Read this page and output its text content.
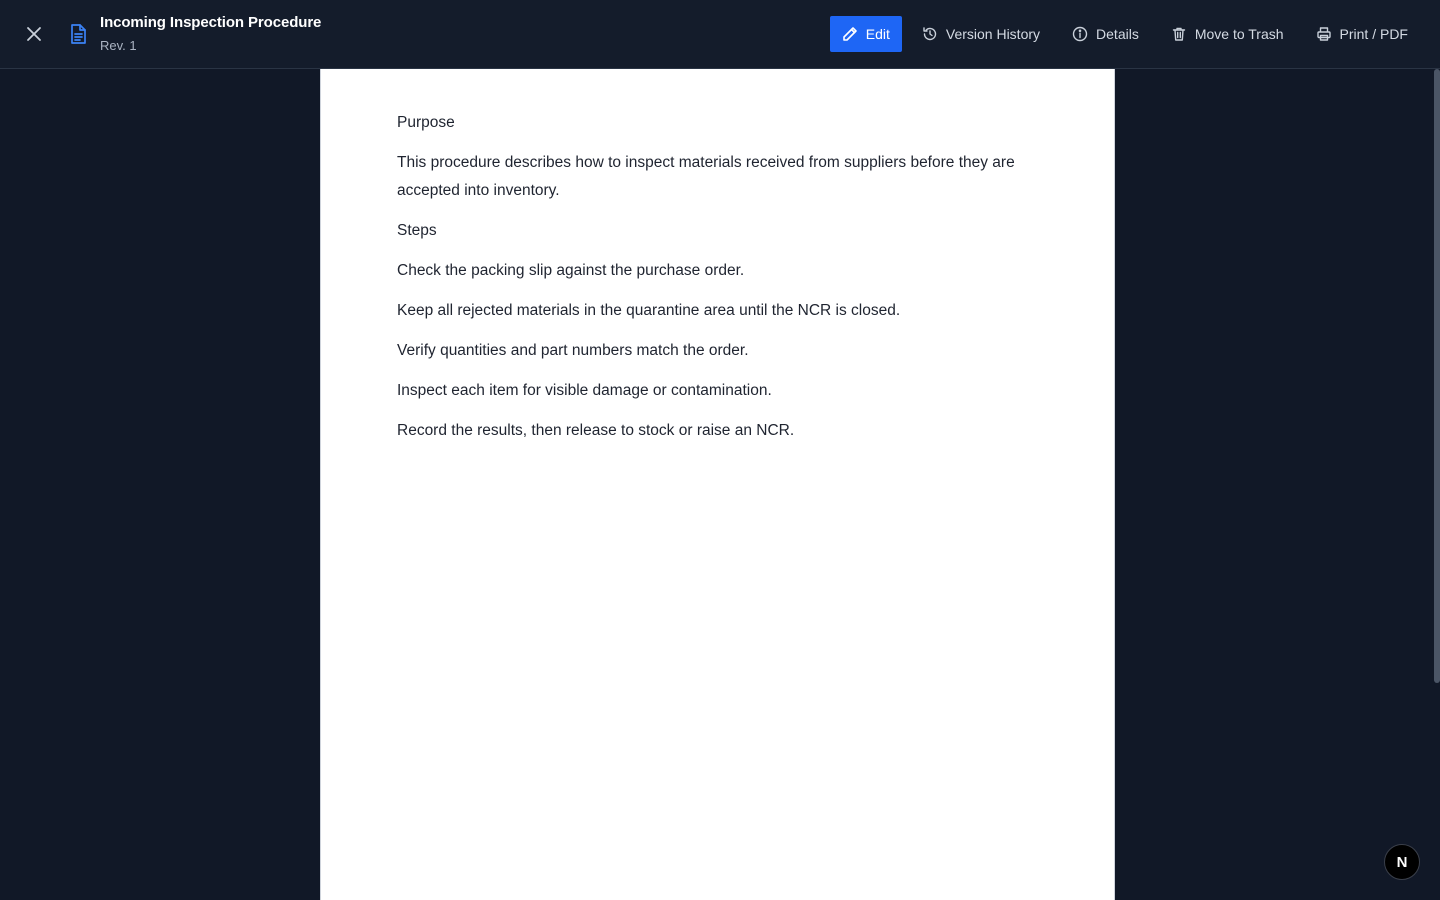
Incoming Inspection Procedure
Rev. 1
Edit	Version History	Details	Move to Trash	Print / PDF

Purpose

This procedure describes how to inspect materials received from suppliers before they are accepted into inventory.

Steps

Check the packing slip against the purchase order.

Keep all rejected materials in the quarantine area until the NCR is closed.

Verify quantities and part numbers match the order.

Inspect each item for visible damage or contamination.

Record the results, then release to stock or raise an NCR.

N
